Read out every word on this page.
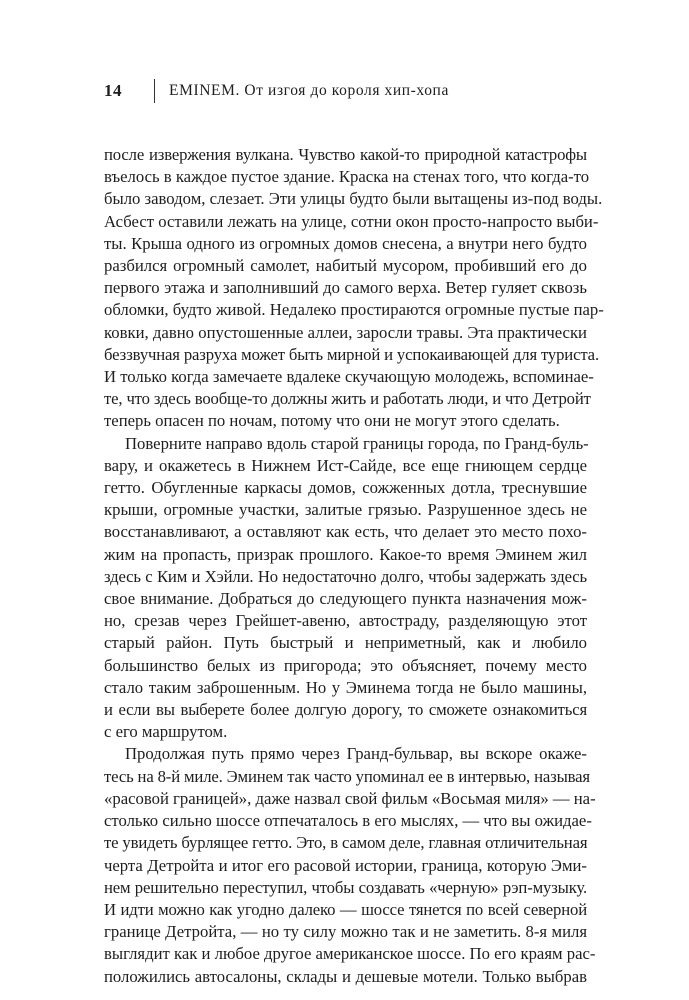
14	EMINEM. От изгоя до короля хип-хопа

после извержения вулкана. Чувство какой-то природной катастрофы
въелось в каждое пустое здание. Краска на стенах того, что когда-то
было заводом, слезает. Эти улицы будто были вытащены из-под воды.
Асбест оставили лежать на улице, сотни окон просто-напросто выби-
ты. Крыша одного из огромных домов снесена, а внутри него будто
разбился огромный самолет, набитый мусором, пробивший его до
первого этажа и заполнивший до самого верха. Ветер гуляет сквозь
обломки, будто живой. Недалеко простираются огромные пустые пар-
ковки, давно опустошенные аллеи, заросли травы. Эта практически
беззвучная разруха может быть мирной и успокаивающей для туриста.
И только когда замечаете вдалеке скучающую молодежь, вспоминае-
те, что здесь вообще-то должны жить и работать люди, и что Детройт
теперь опасен по ночам, потому что они не могут этого сделать.

Поверните направо вдоль старой границы города, по Гранд-буль-
вару, и окажетесь в Нижнем Ист-Сайде, все еще гниющем сердце
гетто. Обугленные каркасы домов, сожженных дотла, треснувшие
крыши, огромные участки, залитые грязью. Разрушенное здесь не
восстанавливают, а оставляют как есть, что делает это место похо-
жим на пропасть, призрак прошлого. Какое-то время Эминем жил
здесь с Ким и Хэйли. Но недостаточно долго, чтобы задержать здесь
свое внимание. Добраться до следующего пункта назначения мож-
но, срезав через Грейшет-авеню, автостраду, разделяющую этот
старый район. Путь быстрый и неприметный, как и любило
большинство белых из пригорода; это объясняет, почему место
стало таким заброшенным. Но у Эминема тогда не было машины,
и если вы выберете более долгую дорогу, то сможете ознакомиться
с его маршрутом.

Продолжая путь прямо через Гранд-бульвар, вы вскоре окаже-
тесь на 8-й миле. Эминем так часто упоминал ее в интервью, называя
«расовой границей», даже назвал свой фильм «Восьмая миля» — на-
столько сильно шоссе отпечаталось в его мыслях, — что вы ожидае-
те увидеть бурлящее гетто. Это, в самом деле, главная отличительная
черта Детройта и итог его расовой истории, граница, которую Эми-
нем решительно переступил, чтобы создавать «черную» рэп-музыку.
И идти можно как угодно далеко — шоссе тянется по всей северной
границе Детройта, — но ту силу можно так и не заметить. 8-я миля
выглядит как и любое другое американское шоссе. По его краям рас-
положились автосалоны, склады и дешевые мотели. Только выбрав
